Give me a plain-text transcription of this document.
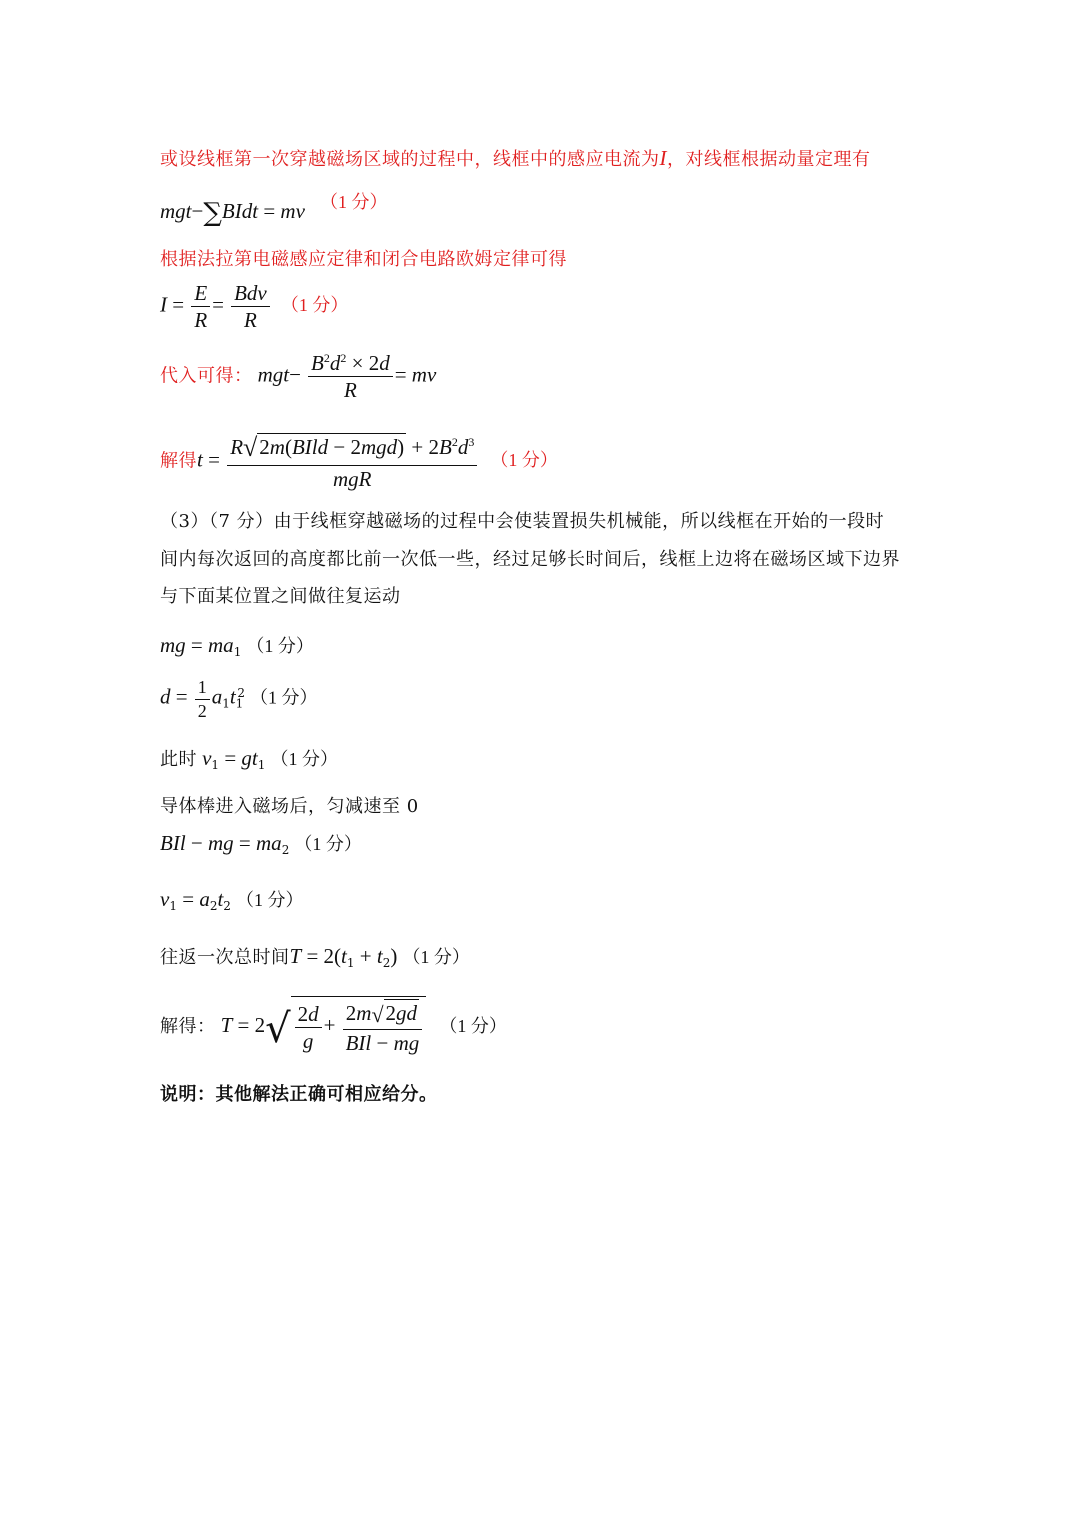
或设线框第一次穿越磁场区域的过程中，线框中的感应电流为I，对线框根据动量定理有
mgt−∑BIdt = mv （1 分）
根据法拉第电磁感应定律和闭合电路欧姆定律可得
$I = \frac{E}{R} = \frac{\text{Bdv}}{R} (1$ 分）
代入可得： $mgt- \frac{B^2d^2 \times 2d}{R}$ = mv
解得$t = \frac{R√2m(BIld - 2mgd) + 2B^2d^3}{\text{mgR}} (1$ 分）
（3）（7 分）由于线框穿越磁场的过程中会使装置损失机械能，所以线框在开始的一段时
间内每次返回的高度都比前一次低一些，经过足够长时间后，线框上边将在磁场区域下边界
与下面某位置之间做往复运动
mg = $ma_1$ （1 分）
$d = \frac{1}{2} a_1t_1^2$ （1 分）
此时 $v_1 = gt_1$ （1 分）
导体棒进入磁场后，匀减速至 0
BIl − mg = $ma_2$ （1 分）
$v_1 = a_2t_2$ （1 分）
往返一次总时间$T = 2(t_1 + t_2)$ （1 分）
解得： $T = 2√ \frac{2d}{g} + \frac{2m√2gd}{\text{BIl − mg}} (1$ 分）
说明：其他解法正确可相应给分。
